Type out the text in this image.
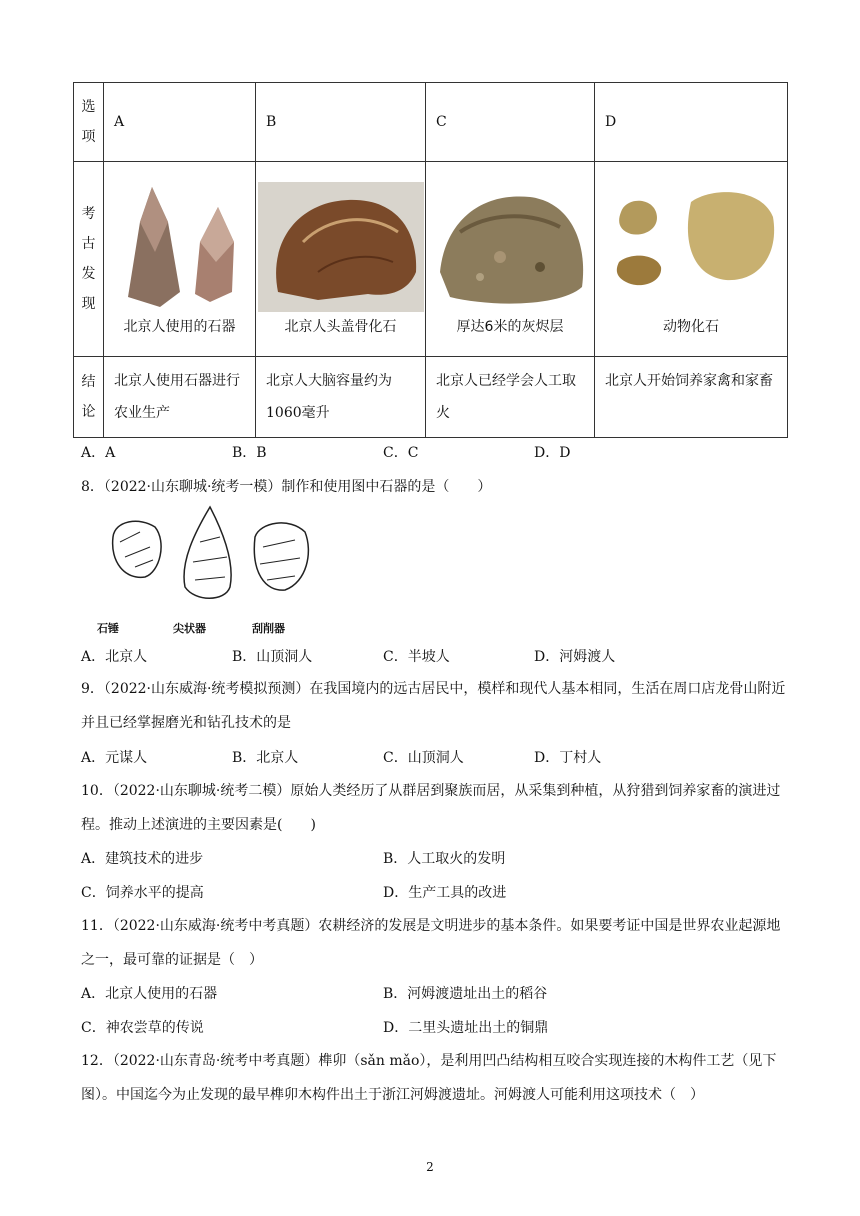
选
项	A	B	C	D
考
古
发
现	北京人使用的石器	北京人头盖骨化石	厚达6米的灰烬层	动物化石

结
论	北京人使用石器进行农业生产	北京人大脑容量约为1060毫升	北京人已经学会人工取火	北京人开始饲养家禽和家畜
A．A	B．B	C．C	D．D
8．（2022·山东聊城·统考一模）制作和使用图中石器的是（　　）
石锤	尖状器	刮削器
A．北京人	B．山顶洞人	C．半坡人	D．河姆渡人
9．（2022·山东威海·统考模拟预测）在我国境内的远古居民中，模样和现代人基本相同，生活在周口店龙骨山附近并且已经掌握磨光和钻孔技术的是
A．元谋人	B．北京人	C．山顶洞人	D．丁村人
10．（2022·山东聊城·统考二模）原始人类经历了从群居到聚族而居，从采集到种植，从狩猎到饲养家畜的演进过程。推动上述演进的主要因素是(　　)
A．建筑技术的进步	B．人工取火的发明
C．饲养水平的提高	D．生产工具的改进
11．（2022·山东威海·统考中考真题）农耕经济的发展是文明进步的基本条件。如果要考证中国是世界农业起源地之一，最可靠的证据是（　）
A．北京人使用的石器	B．河姆渡遗址出土的稻谷
C．神农尝草的传说	D．二里头遗址出土的铜鼎
12．（2022·山东青岛·统考中考真题）榫卯（sǎn mǎo），是利用凹凸结构相互咬合实现连接的木构件工艺（见下图）。中国迄今为止发现的最早榫卯木构件出土于浙江河姆渡遗址。河姆渡人可能利用这项技术（　）
2
